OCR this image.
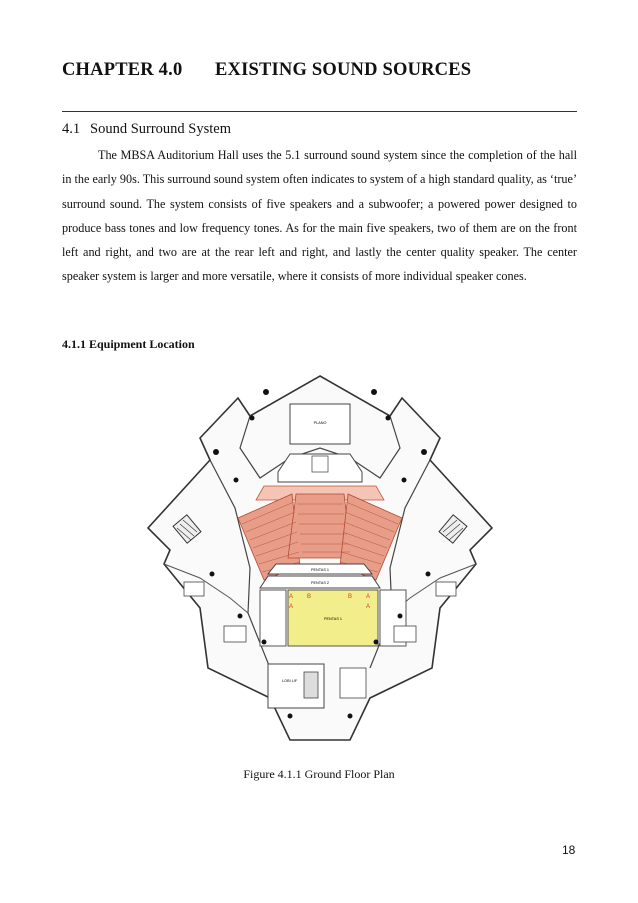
CHAPTER 4.0 EXISTING SOUND SOURCES
4.1 Sound Surround System

The MBSA Auditorium Hall uses the 5.1 surround sound system since the completion of the hall in the early 90s. This surround sound system often indicates to system of a high standard quality, as ‘true’ surround sound. The system consists of five speakers and a subwoofer; a powered power designed to produce bass tones and low frequency tones. As for the main five speakers, two of them are on the front left and right, and two are at the rear left and right, and lastly the center quality speaker. The center speaker system is larger and more versatile, where it consists of more individual speaker cones.

4.1.1 Equipment Location
PLANO
PENTAS 1
PENTAS 2
PENTAS 1
A B	B A
A	A
LOBI LIF
Figure 4.1.1 Ground Floor Plan
18
